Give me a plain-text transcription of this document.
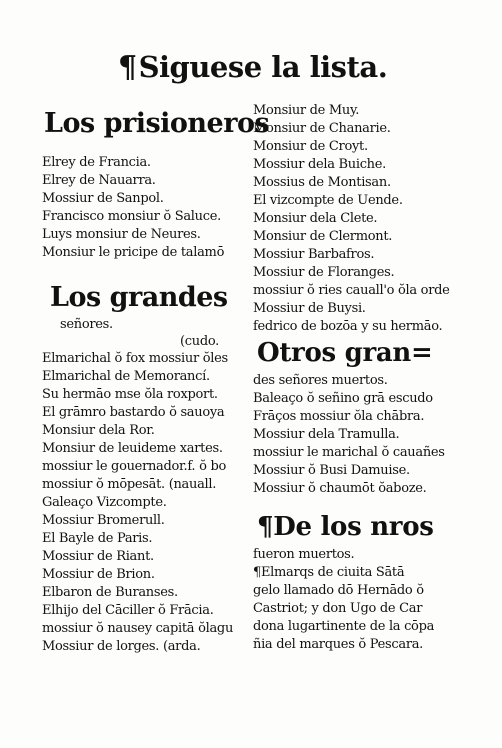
¶Siguese la lista.
Los prisioneros
Elrey de Francia.
Elrey de Nauarra.
Mossiur de Sanpol.
Francisco monsiur ŏ Saluce.
Luys monsiur de Neures.
Monsiur le pricipe de talamō
Los grandes
señores.
(cudo.
Elmarichal ŏ fox mossiur ŏles
Elmarichal de Memorancí.
Su hermāo mse ŏla roxport.
El grāmro bastardo ŏ sauoya
Monsiur dela Ror.
Monsiur de leuideme xartes.
mossiur le gouernador.f. ŏ bo
mossiur ŏ mōpesāt. (nauall.
Galeaço Vizcompte.
Mossiur Bromerull.
El Bayle de Paris.
Mossiur de Riant.
Mossiur de Brion.
Elbaron de Buranses.
Elhijo del Cāciller ŏ Frācia.
mossiur ŏ nausey capitā ŏlagu
Mossiur de lorges. (arda.
Monsiur de Muy.
Monsiur de Chanarie.
Monsiur de Croyt.
Mossiur dela Buiche.
Mossius de Montisan.
El vizcompte de Uende.
Monsiur dela Clete.
Monsiur de Clermont.
Mossiur Barbafros.
Mossiur de Floranges.
mossiur ŏ ries cauall'o ŏla orde
Mossiur de Buysi.
fedrico de bozōa y su hermāo.
Otros gran=
des señores muertos.
Baleaço ŏ señino grā escudo
Frāços mossiur ŏla chābra.
Mossiur dela Tramulla.
mossiur le marichal ŏ cauañes
Mossiur ŏ Busi Damuise.
Mossiur ŏ chaumōt ŏaboze.
¶De los nros
fueron muertos.
¶Elmarqs de ciuita Sātā
gelo llamado dō Hernādo ŏ
Castriot; y don Ugo de Car
dona lugartinente de la cōpa
ñia del marques ŏ Pescara.
